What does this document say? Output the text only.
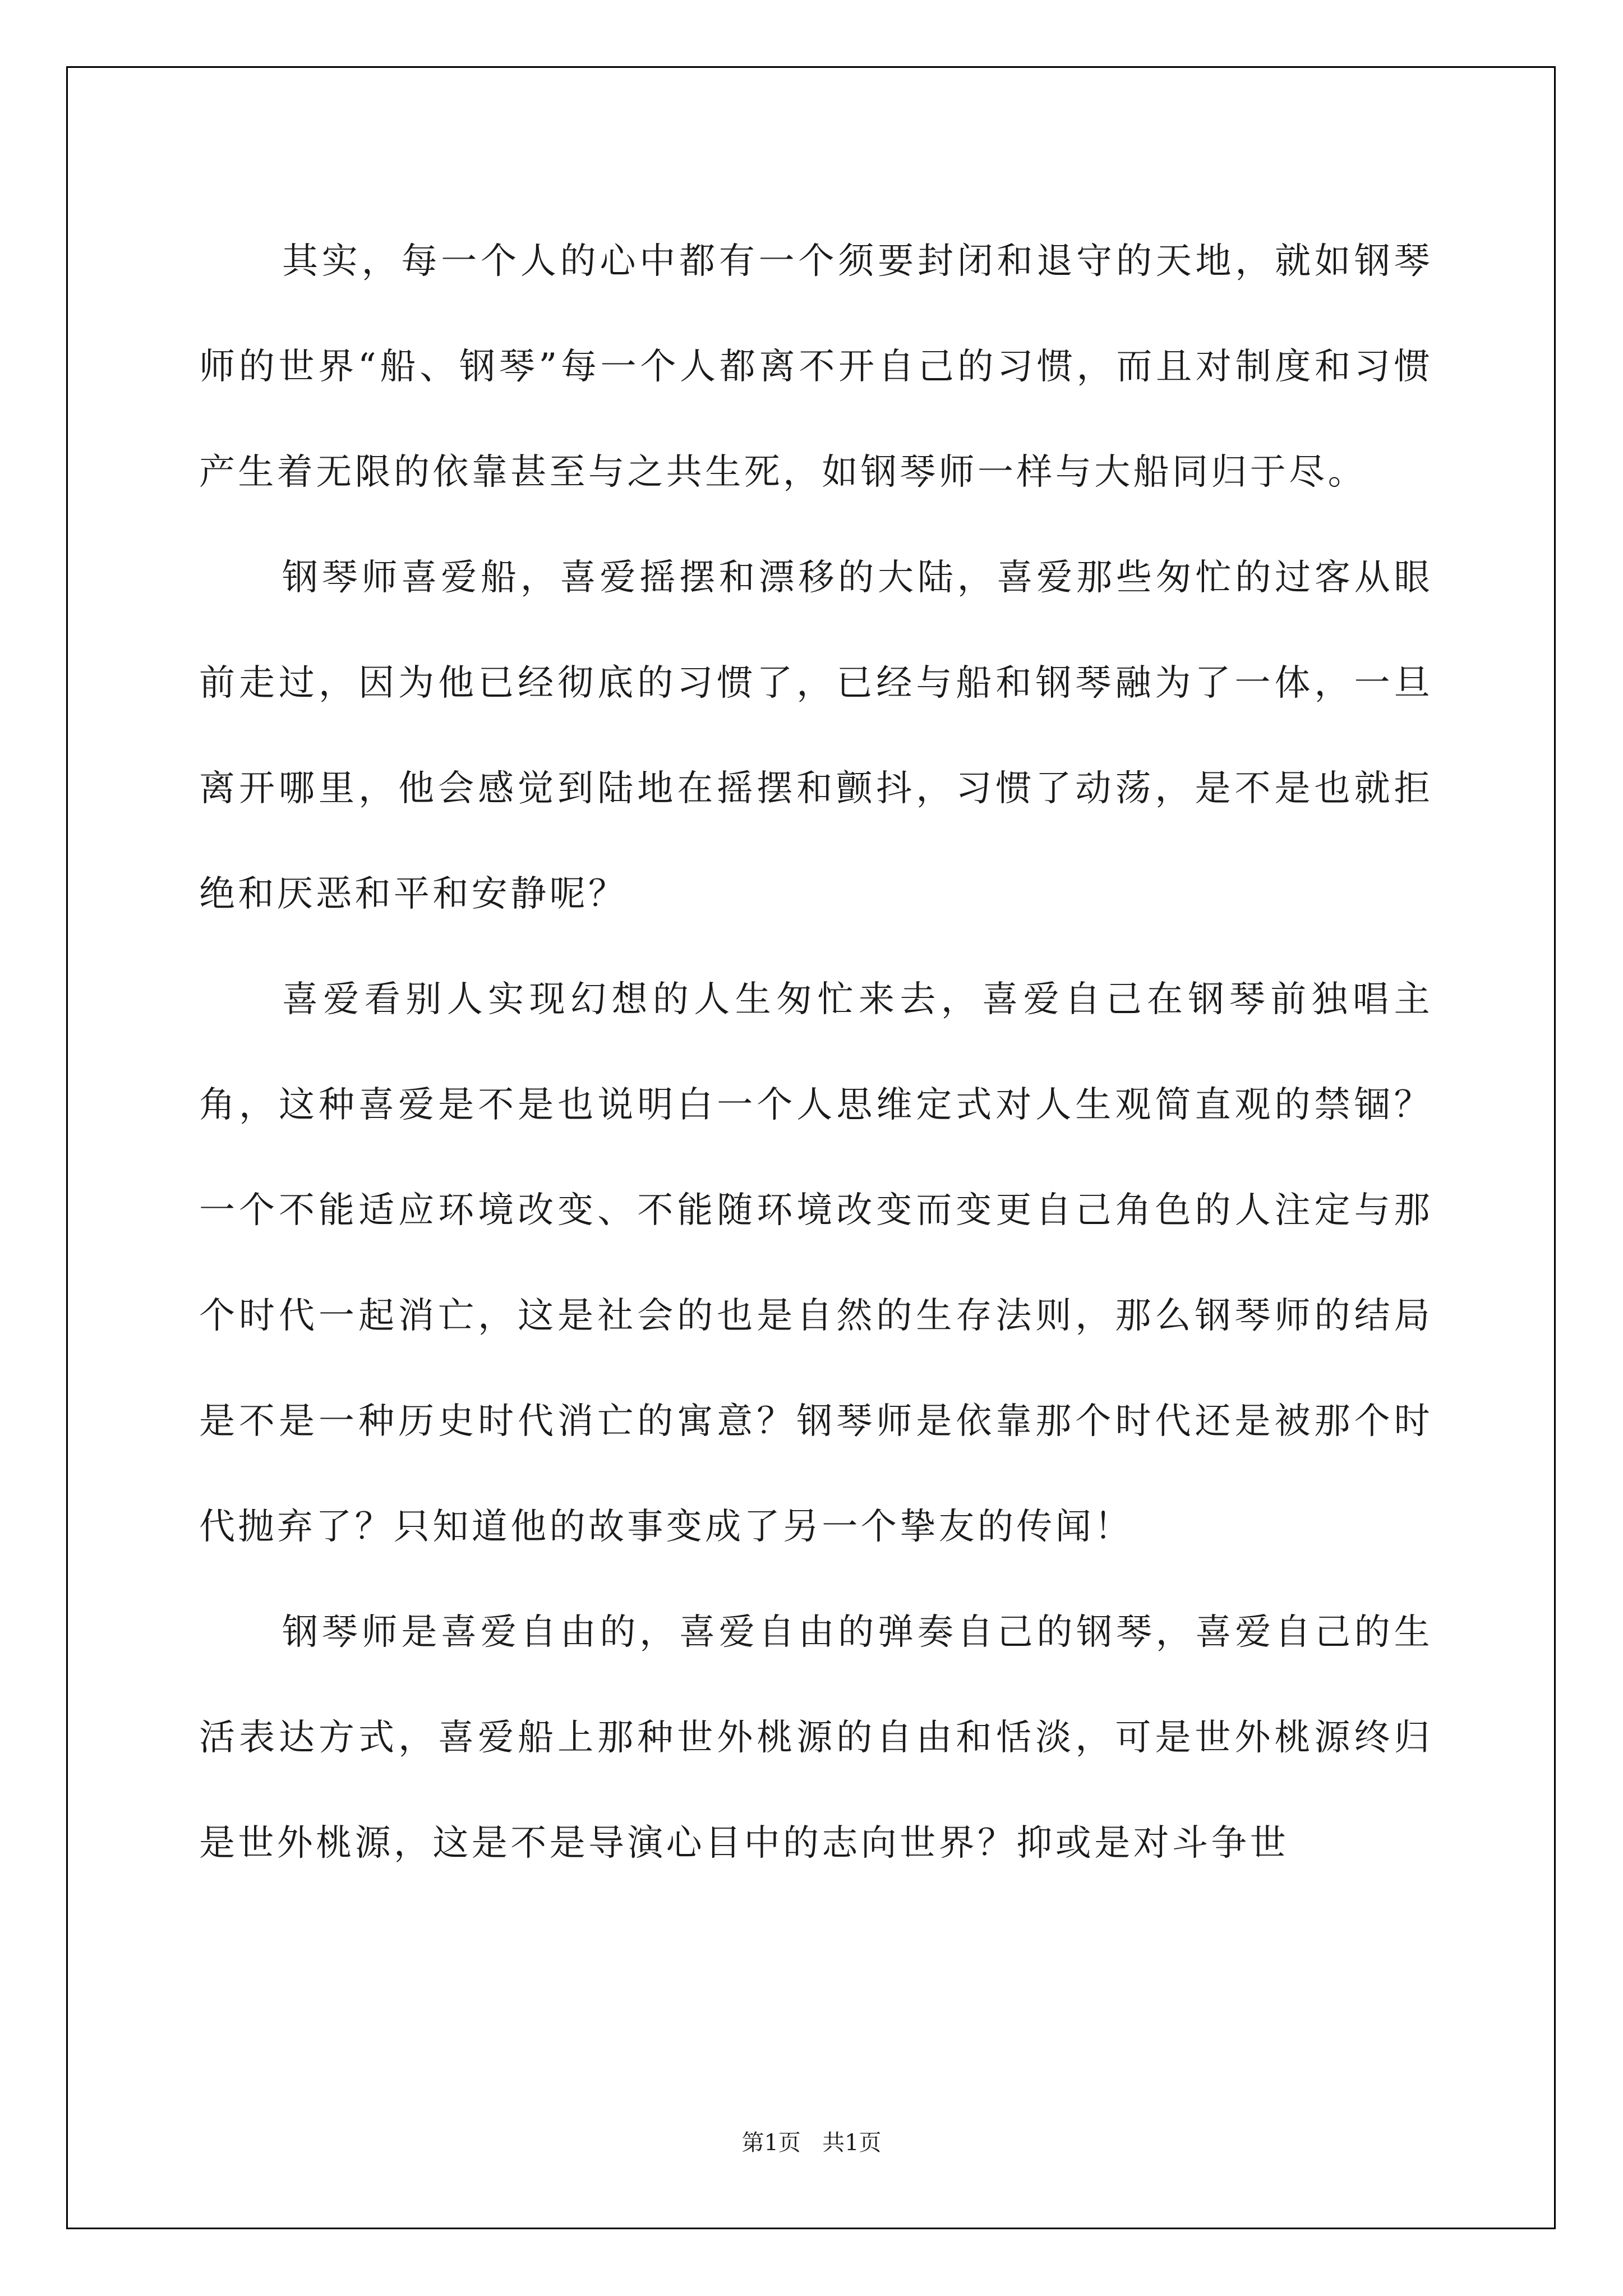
其实，每一个人的心中都有一个须要封闭和退守的天地，就如钢琴师的世界“船、钢琴”每一个人都离不开自己的习惯，而且对制度和习惯产生着无限的依靠甚至与之共生死，如钢琴师一样与大船同归于尽。

钢琴师喜爱船，喜爱摇摆和漂移的大陆，喜爱那些匆忙的过客从眼前走过，因为他已经彻底的习惯了，已经与船和钢琴融为了一体，一旦离开哪里，他会感觉到陆地在摇摆和颤抖，习惯了动荡，是不是也就拒绝和厌恶和平和安静呢？

喜爱看别人实现幻想的人生匆忙来去，喜爱自己在钢琴前独唱主角，这种喜爱是不是也说明白一个人思维定式对人生观简直观的禁锢？一个不能适应环境改变、不能随环境改变而变更自己角色的人注定与那个时代一起消亡，这是社会的也是自然的生存法则，那么钢琴师的结局是不是一种历史时代消亡的寓意？钢琴师是依靠那个时代还是被那个时代抛弃了？只知道他的故事变成了另一个挚友的传闻！

钢琴师是喜爱自由的，喜爱自由的弹奏自己的钢琴，喜爱自己的生活表达方式，喜爱船上那种世外桃源的自由和恬淡，可是世外桃源终归是世外桃源，这是不是导演心目中的志向世界？抑或是对斗争世

第1页 共1页
